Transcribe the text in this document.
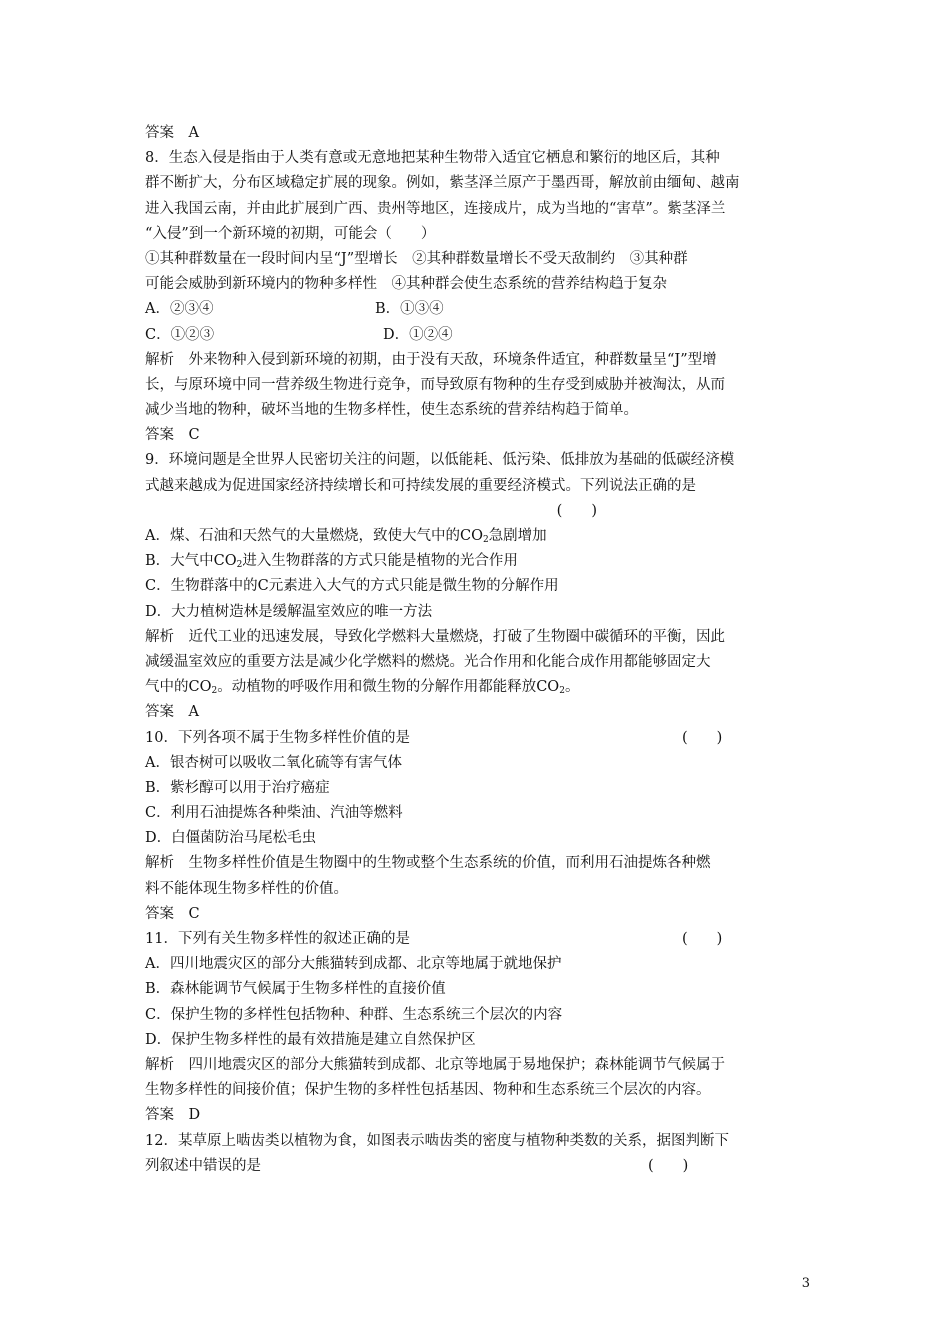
答案　A
8．生态入侵是指由于人类有意或无意地把某种生物带入适宜它栖息和繁衍的地区后，其种
群不断扩大，分布区域稳定扩展的现象。例如，紫茎泽兰原产于墨西哥，解放前由缅甸、越南
进入我国云南，并由此扩展到广西、贵州等地区，连接成片，成为当地的“害草”。紫茎泽兰
“入侵”到一个新环境的初期，可能会（　　）
①其种群数量在一段时间内呈“J”型增长　②其种群数量增长不受天敌制约　③其种群
可能会威胁到新环境内的物种多样性　④其种群会使生态系统的营养结构趋于复杂
A．②③④	B．①③④
C．①②③	D．①②④
解析　外来物种入侵到新环境的初期，由于没有天敌，环境条件适宜，种群数量呈“J”型增
长，与原环境中同一营养级生物进行竞争，而导致原有物种的生存受到威胁并被淘汰，从而
减少当地的物种，破坏当地的生物多样性，使生态系统的营养结构趋于简单。
答案　C
9．环境问题是全世界人民密切关注的问题，以低能耗、低污染、低排放为基础的低碳经济模
式越来越成为促进国家经济持续增长和可持续发展的重要经济模式。下列说法正确的是
(　　)
A．煤、石油和天然气的大量燃烧，致使大气中的$CO_2$急剧增加
B．大气中$CO_2$进入生物群落的方式只能是植物的光合作用
C．生物群落中的C元素进入大气的方式只能是微生物的分解作用
D．大力植树造林是缓解温室效应的唯一方法
解析　近代工业的迅速发展，导致化学燃料大量燃烧，打破了生物圈中碳循环的平衡，因此
减缓温室效应的重要方法是减少化学燃料的燃烧。光合作用和化能合成作用都能够固定大
气中的$CO_2$。动植物的呼吸作用和微生物的分解作用都能释放$CO_2$。
答案　A
10．下列各项不属于生物多样性价值的是	(　　)
A．银杏树可以吸收二氧化硫等有害气体
B．紫杉醇可以用于治疗癌症
C．利用石油提炼各种柴油、汽油等燃料
D．白僵菌防治马尾松毛虫
解析　生物多样性价值是生物圈中的生物或整个生态系统的价值，而利用石油提炼各种燃
料不能体现生物多样性的价值。
答案　C
11．下列有关生物多样性的叙述正确的是	(　　)
A．四川地震灾区的部分大熊猫转到成都、北京等地属于就地保护
B．森林能调节气候属于生物多样性的直接价值
C．保护生物的多样性包括物种、种群、生态系统三个层次的内容
D．保护生物多样性的最有效措施是建立自然保护区
解析　四川地震灾区的部分大熊猫转到成都、北京等地属于易地保护；森林能调节气候属于
生物多样性的间接价值；保护生物的多样性包括基因、物种和生态系统三个层次的内容。
答案　D
12．某草原上啮齿类以植物为食，如图表示啮齿类的密度与植物种类数的关系，据图判断下
列叙述中错误的是	(　　)
3
